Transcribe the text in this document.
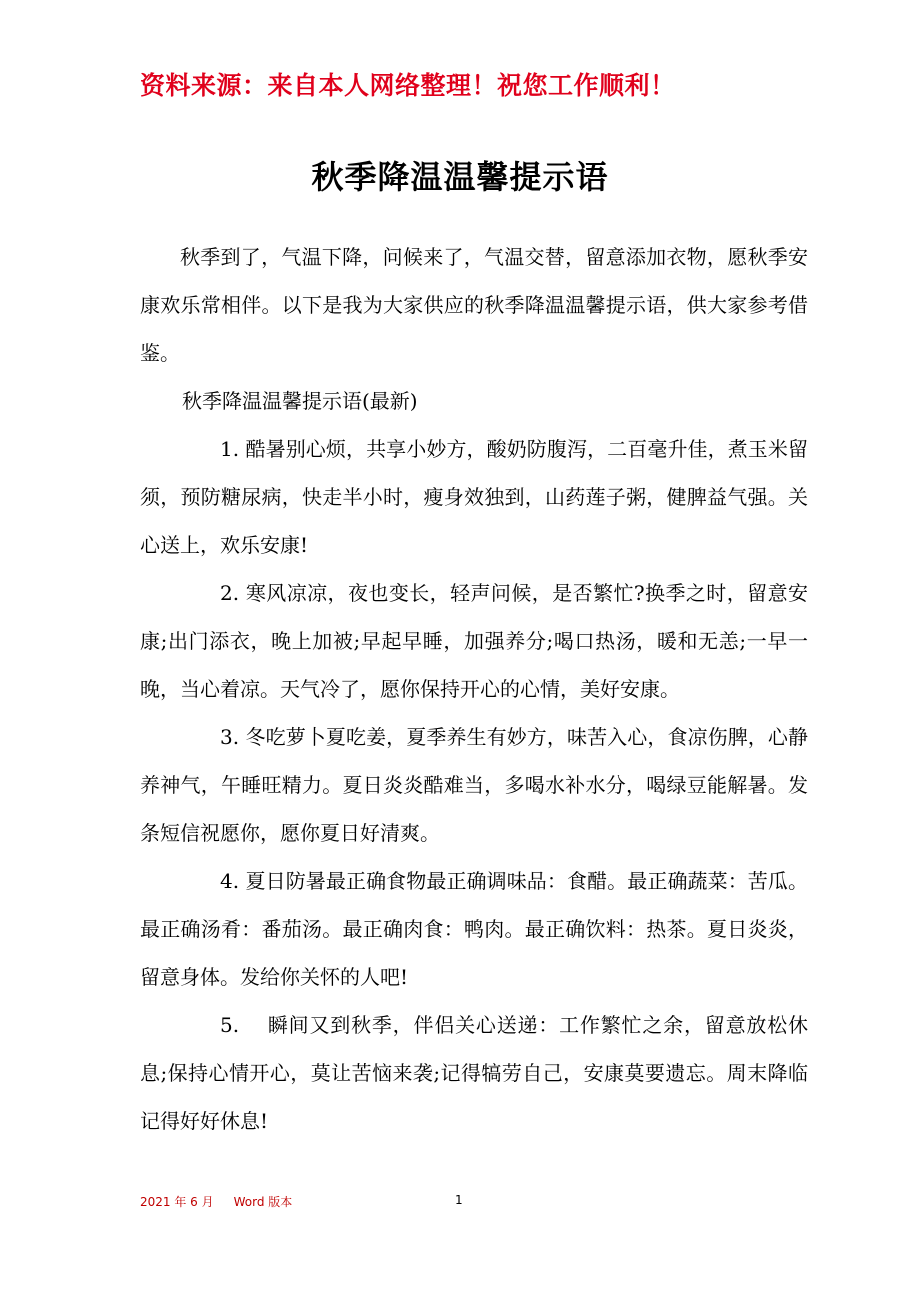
资料来源：来自本人网络整理！祝您工作顺利！
秋季降温温馨提示语

秋季到了，气温下降，问候来了，气温交替，留意添加衣物，愿秋季安康欢乐常相伴。以下是我为大家供应的秋季降温温馨提示语，供大家参考借鉴。

秋季降温温馨提示语(最新)

1. 酷暑别心烦，共享小妙方，酸奶防腹泻，二百毫升佳，煮玉米留须，预防糖尿病，快走半小时，瘦身效独到，山药莲子粥，健脾益气强。关心送上，欢乐安康!

2. 寒风凉凉，夜也变长，轻声问候，是否繁忙?换季之时，留意安康;出门添衣，晚上加被;早起早睡，加强养分;喝口热汤，暖和无恙;一早一晚，当心着凉。天气冷了，愿你保持开心的心情，美好安康。

3. 冬吃萝卜夏吃姜，夏季养生有妙方，味苦入心，食凉伤脾，心静养神气，午睡旺精力。夏日炎炎酷难当，多喝水补水分，喝绿豆能解暑。发条短信祝愿你，愿你夏日好清爽。

4. 夏日防暑最正确食物最正确调味品：食醋。最正确蔬菜：苦瓜。最正确汤肴：番茄汤。最正确肉食：鸭肉。最正确饮料：热茶。夏日炎炎，留意身体。发给你关怀的人吧!

5.　 瞬间又到秋季，伴侣关心送递：工作繁忙之余，留意放松休息;保持心情开心，莫让苦恼来袭;记得犒劳自己，安康莫要遗忘。周末降临记得好好休息!

2021 年 6 月 Word 版本	1
